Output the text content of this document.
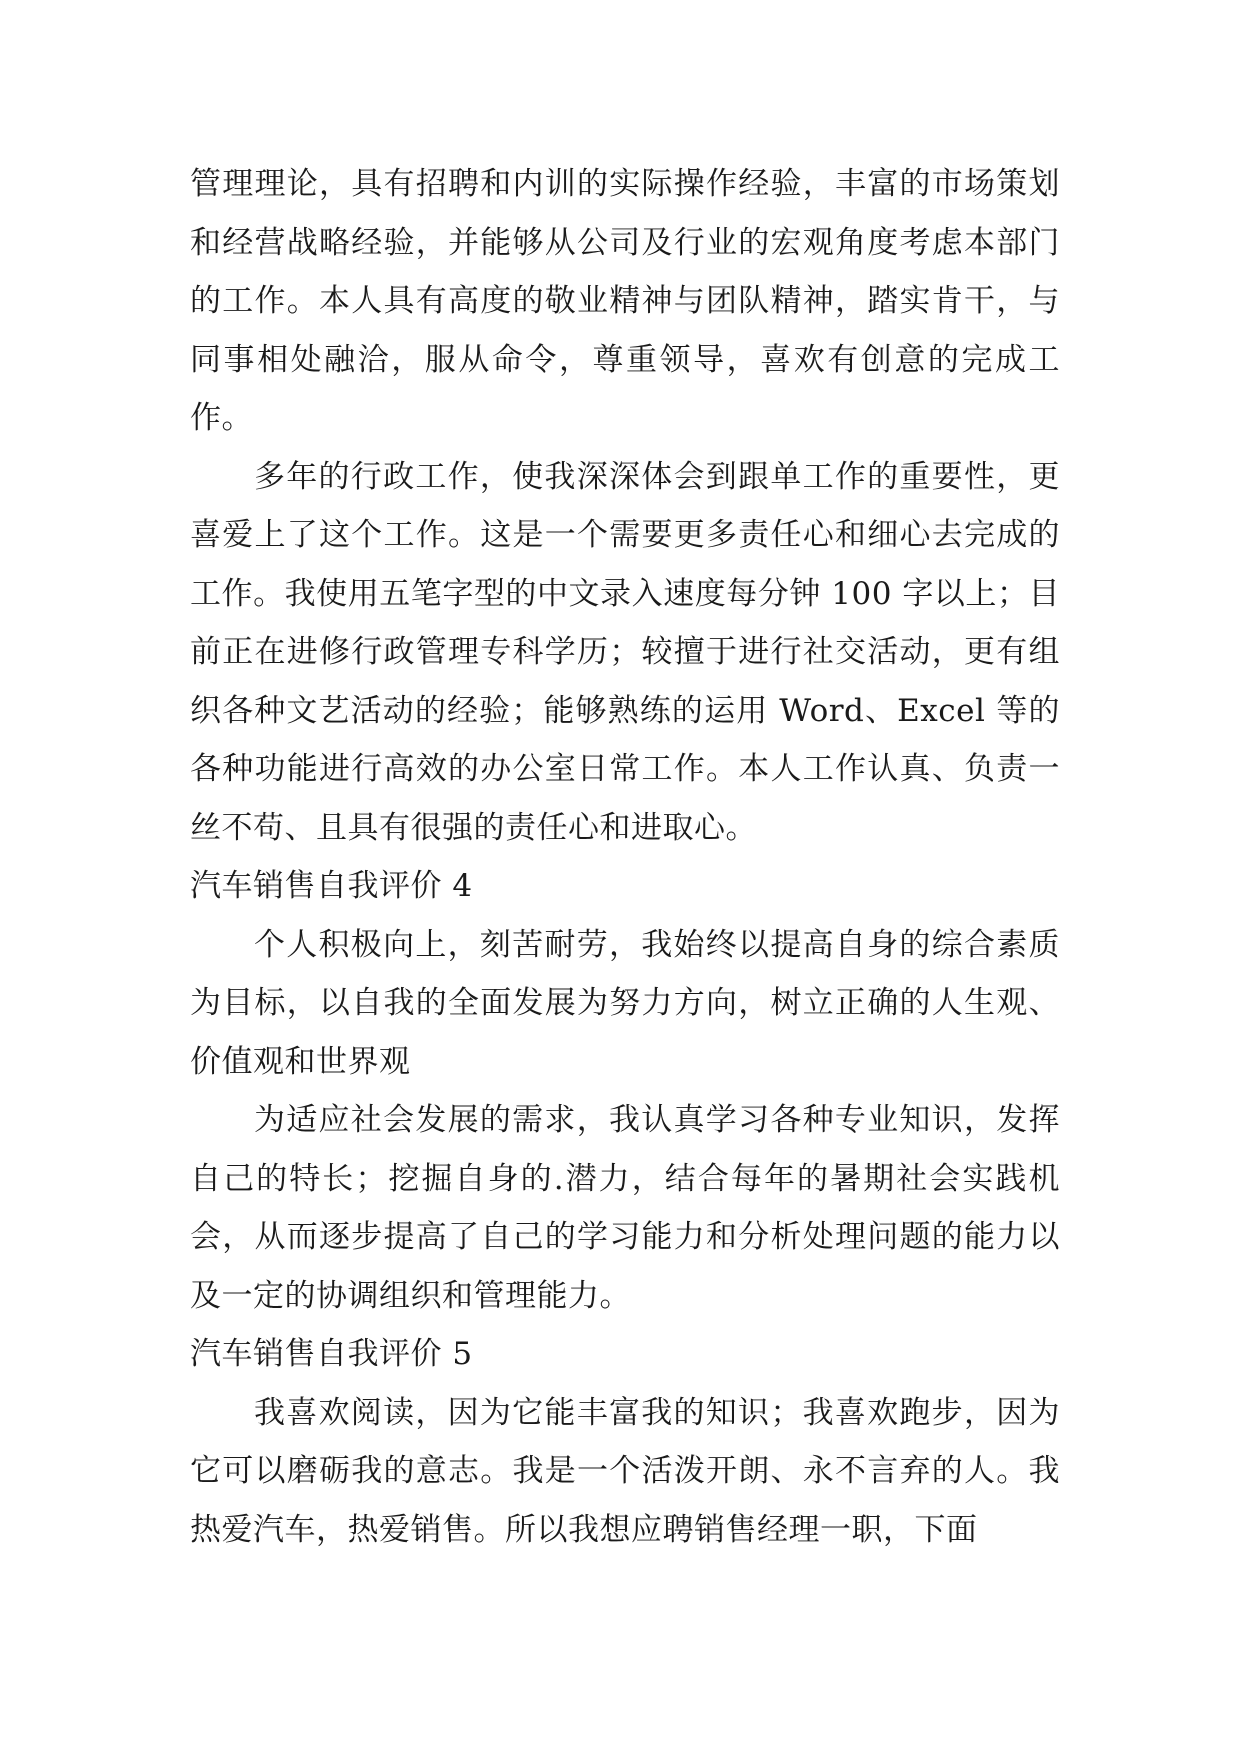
管理理论，具有招聘和内训的实际操作经验，丰富的市场策划和经营战略经验，并能够从公司及行业的宏观角度考虑本部门的工作。本人具有高度的敬业精神与团队精神，踏实肯干，与同事相处融洽，服从命令，尊重领导，喜欢有创意的完成工作。

多年的行政工作，使我深深体会到跟单工作的重要性，更喜爱上了这个工作。这是一个需要更多责任心和细心去完成的工作。我使用五笔字型的中文录入速度每分钟 100 字以上；目前正在进修行政管理专科学历；较擅于进行社交活动，更有组织各种文艺活动的经验；能够熟练的运用 Word、Excel 等的各种功能进行高效的办公室日常工作。本人工作认真、负责一丝不苟、且具有很强的责任心和进取心。

汽车销售自我评价 4

个人积极向上，刻苦耐劳，我始终以提高自身的综合素质为目标，以自我的全面发展为努力方向，树立正确的人生观、价值观和世界观

为适应社会发展的需求，我认真学习各种专业知识，发挥自己的特长；挖掘自身的.潜力，结合每年的暑期社会实践机会，从而逐步提高了自己的学习能力和分析处理问题的能力以及一定的协调组织和管理能力。

汽车销售自我评价 5

我喜欢阅读，因为它能丰富我的知识；我喜欢跑步，因为它可以磨砺我的意志。我是一个活泼开朗、永不言弃的人。我热爱汽车，热爱销售。所以我想应聘销售经理一职，下面
